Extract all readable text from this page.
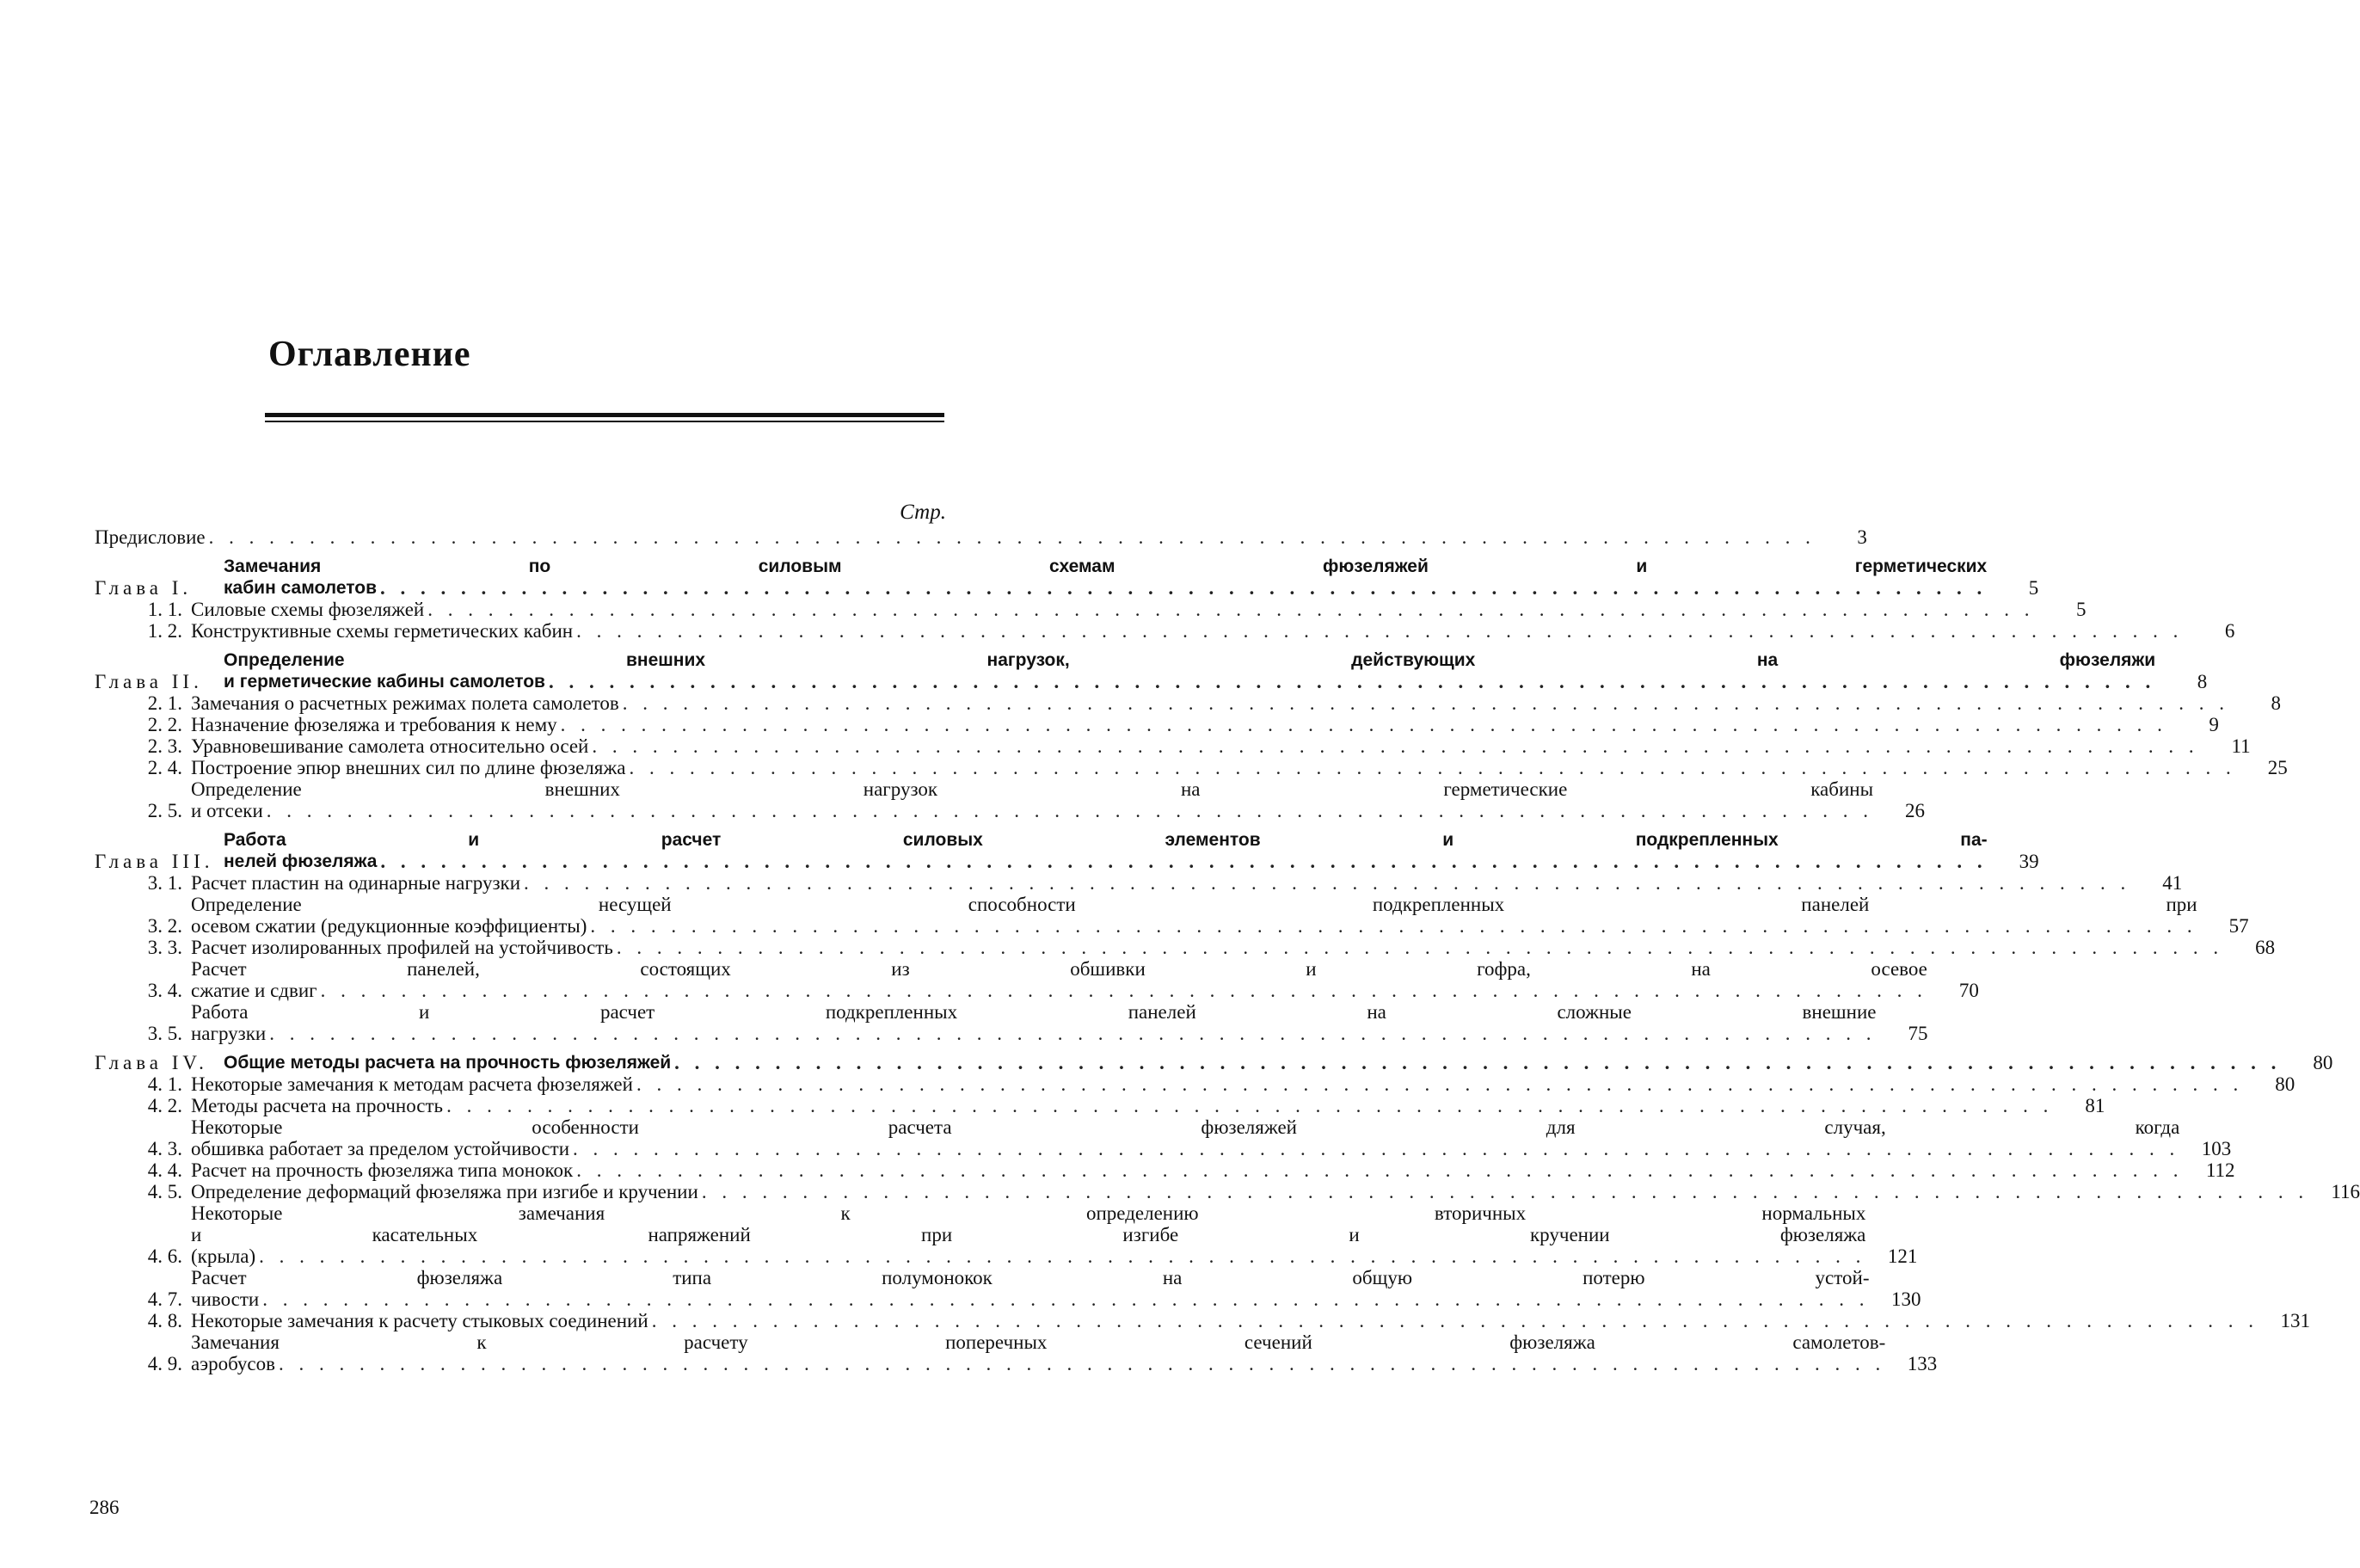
Оглавление
Стр.
Предисловие . . . . . . . . . . . . . . . . . . . . . . . . . . . . . . . . . . . . . . . . . . . . . . . . . . . . . . . . . . . . . . . . . . . . . . . . . . . . . . . .	3
Глава I.
Замечания по силовым схемам фюзеляжей и герметических
кабин самолетов . . . . . . . . . . . . . . . . . . . . . . . . . . . . . . . . . . . . . . . . . . . . . . . . . . . . . . . . . . . . . . . . . . . . . . . . . . . . . . . .	5
1. 1. Силовые схемы фюзеляжей . . . . . . . . . . . . . . . . . . . . . . . . . . . . . . . . . . . . . . . . . . . . . . . . . . . . . . . . . . . . . . . . . . . . . . . . . . . . . . . .	5
1. 2. Конструктивные схемы герметических кабин . . . . . . . . . . . . . . . . . . . . . . . . . . . . . . . . . . . . . . . . . . . . . . . . . . . . . . . . . . . . . . . . . . . . . . . . . . . . . . . .	6
Глава II.
Определение внешних нагрузок, действующих на фюзеляжи
и герметические кабины самолетов . . . . . . . . . . . . . . . . . . . . . . . . . . . . . . . . . . . . . . . . . . . . . . . . . . . . . . . . . . . . . . . . . . . . . . . . . . . . . . . .	8
2. 1. Замечания о расчетных режимах полета самолетов . . . . . . . . . . . . . . . . . . . . . . . . . . . . . . . . . . . . . . . . . . . . . . . . . . . . . . . . . . . . . . . . . . . . . . . . . . . . . . . .	8
2. 2. Назначение фюзеляжа и требования к нему . . . . . . . . . . . . . . . . . . . . . . . . . . . . . . . . . . . . . . . . . . . . . . . . . . . . . . . . . . . . . . . . . . . . . . . . . . . . . . . .	9
2. 3. Уравновешивание самолета относительно осей . . . . . . . . . . . . . . . . . . . . . . . . . . . . . . . . . . . . . . . . . . . . . . . . . . . . . . . . . . . . . . . . . . . . . . . . . . . . . . . .	11
2. 4. Построение эпюр внешних сил по длине фюзеляжа . . . . . . . . . . . . . . . . . . . . . . . . . . . . . . . . . . . . . . . . . . . . . . . . . . . . . . . . . . . . . . . . . . . . . . . . . . . . . . . .	25
2. 5.
Определение внешних нагрузок на герметические кабины
и отсеки . . . . . . . . . . . . . . . . . . . . . . . . . . . . . . . . . . . . . . . . . . . . . . . . . . . . . . . . . . . . . . . . . . . . . . . . . . . . . . . .	26
Глава III.
Работа и расчет силовых элементов и подкрепленных па-
нелей фюзеляжа . . . . . . . . . . . . . . . . . . . . . . . . . . . . . . . . . . . . . . . . . . . . . . . . . . . . . . . . . . . . . . . . . . . . . . . . . . . . . . . .	39
3. 1. Расчет пластин на одинарные нагрузки . . . . . . . . . . . . . . . . . . . . . . . . . . . . . . . . . . . . . . . . . . . . . . . . . . . . . . . . . . . . . . . . . . . . . . . . . . . . . . . .	41
3. 2.
Определение несущей способности подкрепленных панелей при
осевом сжатии (редукционные коэффициенты) . . . . . . . . . . . . . . . . . . . . . . . . . . . . . . . . . . . . . . . . . . . . . . . . . . . . . . . . . . . . . . . . . . . . . . . . . . . . . . . .	57
3. 3. Расчет изолированных профилей на устойчивость . . . . . . . . . . . . . . . . . . . . . . . . . . . . . . . . . . . . . . . . . . . . . . . . . . . . . . . . . . . . . . . . . . . . . . . . . . . . . . . .	68
3. 4.
Расчет панелей, состоящих из обшивки и гофра, на осевое
сжатие и сдвиг . . . . . . . . . . . . . . . . . . . . . . . . . . . . . . . . . . . . . . . . . . . . . . . . . . . . . . . . . . . . . . . . . . . . . . . . . . . . . . . .	70
3. 5.
Работа и расчет подкрепленных панелей на сложные внешние
нагрузки . . . . . . . . . . . . . . . . . . . . . . . . . . . . . . . . . . . . . . . . . . . . . . . . . . . . . . . . . . . . . . . . . . . . . . . . . . . . . . . .	75
Глава IV. Общие методы расчета на прочность фюзеляжей . . . . . . . . . . . . . . . . . . . . . . . . . . . . . . . . . . . . . . . . . . . . . . . . . . . . . . . . . . . . . . . . . . . . . . . . . . . . . . . .	80
4. 1. Некоторые замечания к методам расчета фюзеляжей . . . . . . . . . . . . . . . . . . . . . . . . . . . . . . . . . . . . . . . . . . . . . . . . . . . . . . . . . . . . . . . . . . . . . . . . . . . . . . . .	80
4. 2. Методы расчета на прочность . . . . . . . . . . . . . . . . . . . . . . . . . . . . . . . . . . . . . . . . . . . . . . . . . . . . . . . . . . . . . . . . . . . . . . . . . . . . . . . .	81
4. 3.
Некоторые особенности расчета фюзеляжей для случая, когда
обшивка работает за пределом устойчивости . . . . . . . . . . . . . . . . . . . . . . . . . . . . . . . . . . . . . . . . . . . . . . . . . . . . . . . . . . . . . . . . . . . . . . . . . . . . . . . .	103
4. 4. Расчет на прочность фюзеляжа типа монокок . . . . . . . . . . . . . . . . . . . . . . . . . . . . . . . . . . . . . . . . . . . . . . . . . . . . . . . . . . . . . . . . . . . . . . . . . . . . . . . .	112
4. 5. Определение деформаций фюзеляжа при изгибе и кручении . . . . . . . . . . . . . . . . . . . . . . . . . . . . . . . . . . . . . . . . . . . . . . . . . . . . . . . . . . . . . . . . . . . . . . . . . . . . . . . .	116
4. 6.
Некоторые замечания к определению вторичных нормальных
и касательных напряжений при изгибе и кручении фюзеляжа
(крыла) . . . . . . . . . . . . . . . . . . . . . . . . . . . . . . . . . . . . . . . . . . . . . . . . . . . . . . . . . . . . . . . . . . . . . . . . . . . . . . . .	121
4. 7.
Расчет фюзеляжа типа полумонокок на общую потерю устой-
чивости . . . . . . . . . . . . . . . . . . . . . . . . . . . . . . . . . . . . . . . . . . . . . . . . . . . . . . . . . . . . . . . . . . . . . . . . . . . . . . . .	130
4. 8. Некоторые замечания к расчету стыковых соединений . . . . . . . . . . . . . . . . . . . . . . . . . . . . . . . . . . . . . . . . . . . . . . . . . . . . . . . . . . . . . . . . . . . . . . . . . . . . . . . .	131
4. 9.
Замечания к расчету поперечных сечений фюзеляжа самолетов-
аэробусов . . . . . . . . . . . . . . . . . . . . . . . . . . . . . . . . . . . . . . . . . . . . . . . . . . . . . . . . . . . . . . . . . . . . . . . . . . . . . . . .	133
286
